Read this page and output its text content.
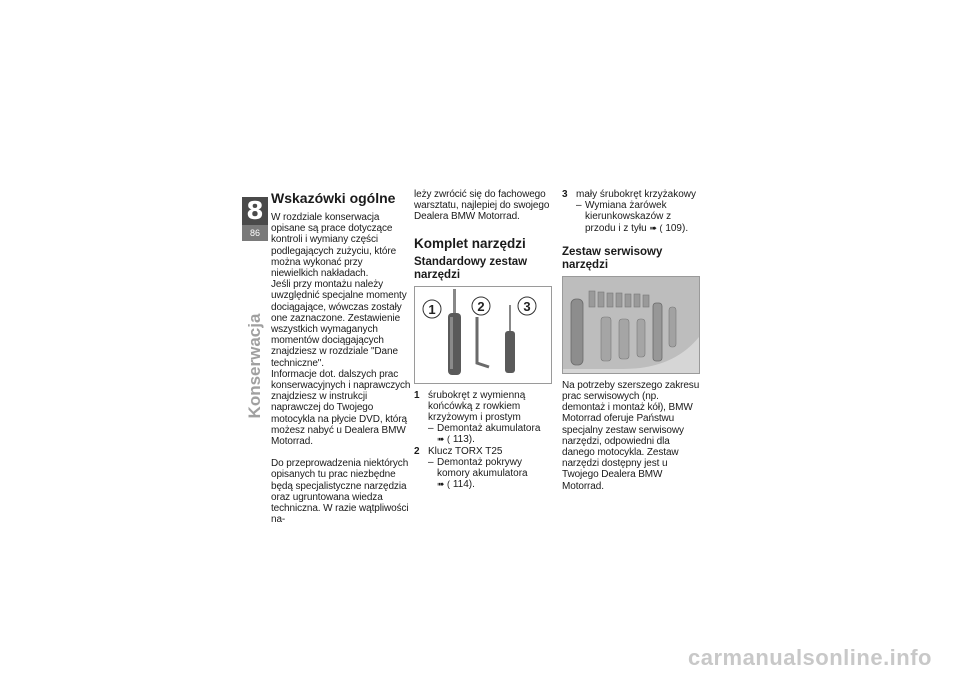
8
86
Konserwacja
Wskazówki ogólne

W rozdziale konserwacja opisane są prace dotyczące kontroli i wymiany części podlegających zużyciu, które można wykonać przy niewielkich nakładach.

Jeśli przy montażu należy uwzględnić specjalne momenty dociągające, wówczas zostały one zaznaczone. Zestawienie wszystkich wymaganych momentów dociągających znajdziesz w rozdziale "Dane techniczne".

Informacje dot. dalszych prac konserwacyjnych i naprawczych znajdziesz w instrukcji naprawczej do Twojego motocykla na płycie DVD, którą możesz nabyć u Dealera BMW Motorrad.

Do przeprowadzenia niektórych opisanych tu prac niezbędne będą specjalistyczne narzędzia oraz ugruntowana wiedza techniczna. W razie wątpliwości na-

leży zwrócić się do fachowego warsztatu, najlepiej do swojego Dealera BMW Motorrad.

Komplet narzędzi
Standardowy zestaw narzędzi
1	2	3
1 śrubokręt z wymienną końcówką z rowkiem krzyżowym i prostym
– Demontaż akumulatora
➠ ( 113).
2 Klucz TORX T25
– Demontaż pokrywy komory akumulatora
➠ ( 114).
3 mały śrubokręt krzyżakowy
– Wymiana żarówek kierunkowskazów z przodu i z tyłu ➠ ( 109).
Zestaw serwisowy narzędzi

Na potrzeby szerszego zakresu prac serwisowych (np. demontaż i montaż kół), BMW Motorrad oferuje Państwu specjalny zestaw serwisowy narzędzi, odpowiedni dla danego motocykla. Zestaw narzędzi dostępny jest u Twojego Dealera BMW Motorrad.

carmanualsonline.info
